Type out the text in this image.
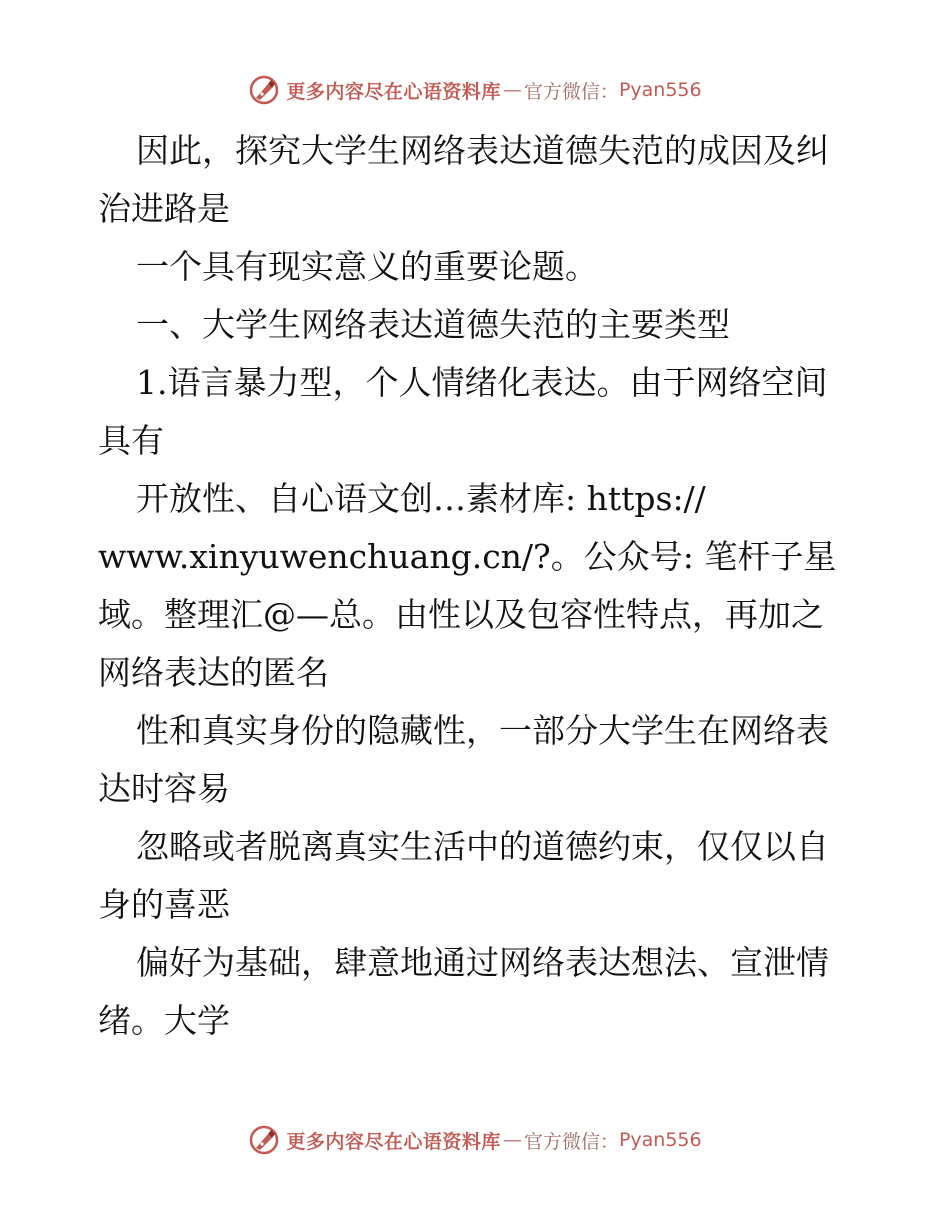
更多内容尽在心语资料库 — 官方微信： Pyan556
因此，探究大学生网络表达道德失范的成因及纠
治进路是
一个具有现实意义的重要论题。
一、大学生网络表达道德失范的主要类型
1.语言暴力型，个人情绪化表达。由于网络空间
具有
开放性、自心语文创…素材库: https://
www.xinyuwenchuang.cn/?。公众号: 笔杆子星
域。整理汇@—总。由性以及包容性特点，再加之
网络表达的匿名
性和真实身份的隐藏性，一部分大学生在网络表
达时容易
忽略或者脱离真实生活中的道德约束，仅仅以自
身的喜恶
偏好为基础，肆意地通过网络表达想法、宣泄情
绪。大学
更多内容尽在心语资料库 — 官方微信： Pyan556
